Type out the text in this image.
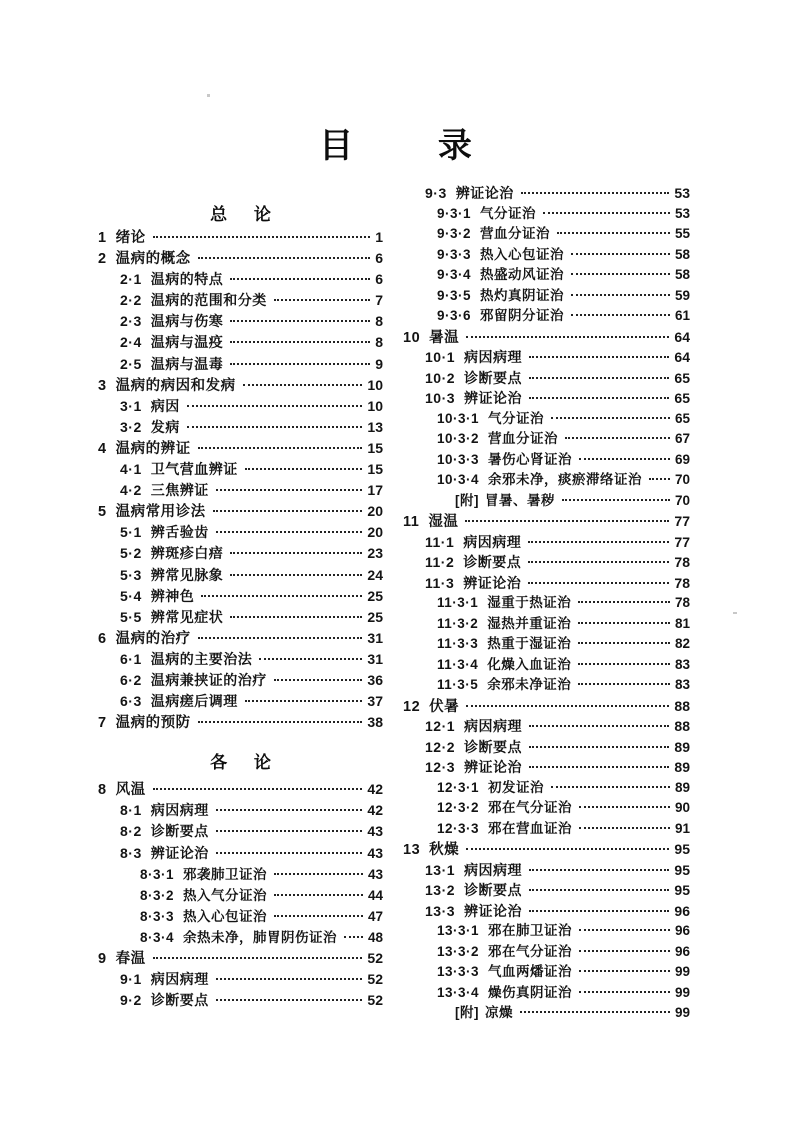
目 录
总 论
1 绪论	1
2 温病的概念	6
2·1 温病的特点	6
2·2 温病的范围和分类	7
2·3 温病与伤寒	8
2·4 温病与温疫	8
2·5 温病与温毒	9
3 温病的病因和发病	10
3·1 病因	10
3·2 发病	13
4 温病的辨证	15
4·1 卫气营血辨证	15
4·2 三焦辨证	17
5 温病常用诊法	20
5·1 辨舌验齿	20
5·2 辨斑疹白㾦	23
5·3 辨常见脉象	24
5·4 辨神色	25
5·5 辨常见症状	25
6 温病的治疗	31
6·1 温病的主要治法	31
6·2 温病兼挟证的治疗	36
6·3 温病瘥后调理	37
7 温病的预防	38
各 论
8 风温	42
8·1 病因病理	42
8·2 诊断要点	43
8·3 辨证论治	43
8·3·1 邪袭肺卫证治	43
8·3·2 热入气分证治	44
8·3·3 热入心包证治	47
8·3·4 余热未净，肺胃阴伤证治 48
9 春温	52
9·1 病因病理	52
9·2 诊断要点	52
9·3 辨证论治	53
9·3·1 气分证治	53
9·3·2 营血分证治	55
9·3·3 热入心包证治	58
9·3·4 热盛动风证治	58
9·3·5 热灼真阴证治	59
9·3·6 邪留阴分证治	61
10 暑温	64
10·1 病因病理	64
10·2 诊断要点	65
10·3 辨证论治	65
10·3·1 气分证治	65
10·3·2 营血分证治	67
10·3·3 暑伤心肾证治	69
10·3·4 余邪未净，痰瘀滞络证治 70
[附] 冒暑、暑秽	70
11 湿温	77
11·1 病因病理	77
11·2 诊断要点	78
11·3 辨证论治	78
11·3·1 湿重于热证治	78
11·3·2 湿热并重证治	81
11·3·3 热重于湿证治	82
11·3·4 化燥入血证治	83
11·3·5 余邪未净证治	83
12 伏暑	88
12·1 病因病理	88
12·2 诊断要点	89
12·3 辨证论治	89
12·3·1 初发证治	89
12·3·2 邪在气分证治	90
12·3·3 邪在营血证治	91
13 秋燥	95
13·1 病因病理	95
13·2 诊断要点	95
13·3 辨证论治	96
13·3·1 邪在肺卫证治	96
13·3·2 邪在气分证治	96
13·3·3 气血两燔证治	99
13·3·4 燥伤真阴证治	99
[附] 凉燥	99
